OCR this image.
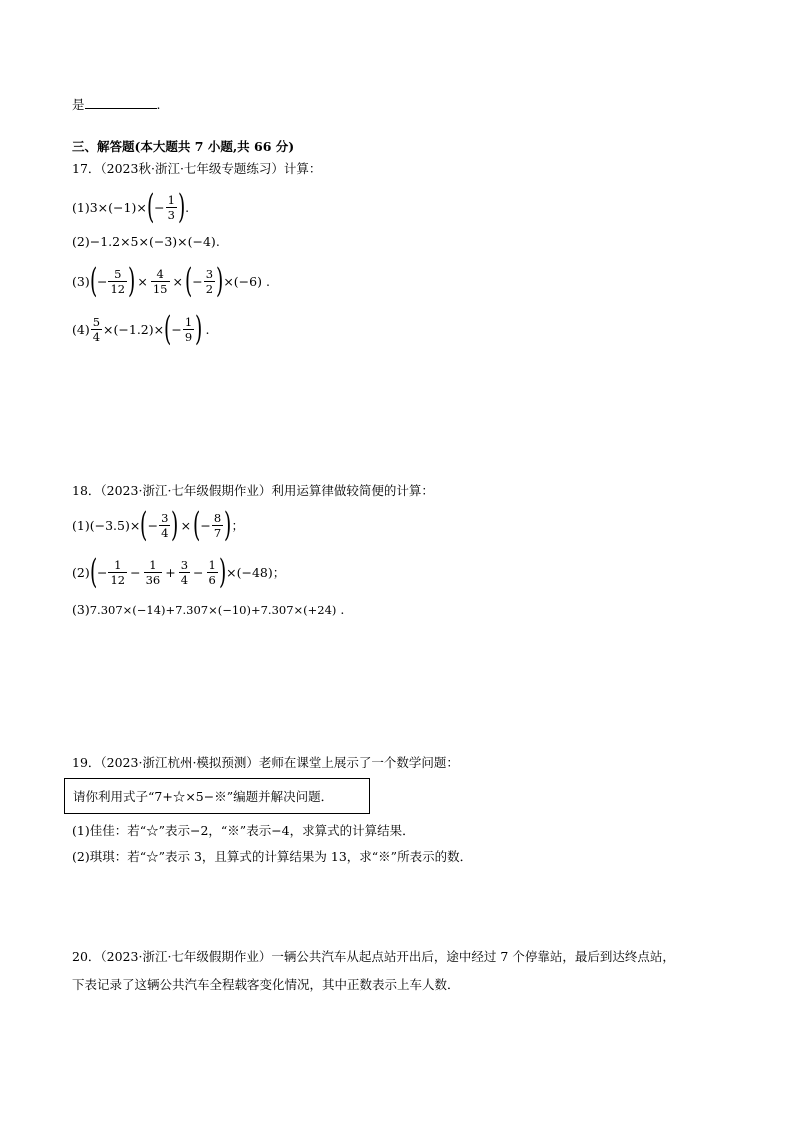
是	.
三、解答题(本大题共 7 小题,共 66 分)
17．（2023秋·浙江·七年级专题练习）计算：
(1) 3×(−1)× ( − $\frac{1}{3}$ ) .
(2)−1.2×5×(−3)×(−4).
(3) ( − $\frac{5}{12}$ ) × $\frac{4}{15}$ × ( − $\frac{3}{2}$ ) ×(−6) .
$(4) \frac{5}{4} \times(-1.2)\times$ ( − $\frac{1}{9}$ ) .
18．（2023·浙江·七年级假期作业）利用运算律做较简便的计算：
(1) (−3.5)× ( − $\frac{3}{4}$ ) × ( − $\frac{8}{7}$ ) ；
(2) ( − $\frac{1}{12} - \frac{1}{36} + \frac{3}{4} - \frac{1}{6}$ ) ×(−48) ；
(3)7.307×(−14)+7.307×(−10)+7.307×(+24) .
19．（2023·浙江杭州·模拟预测）老师在课堂上展示了一个数学问题：
请你利用式子“7+☆×5−※”编题并解决问题．
(1)佳佳：若“☆”表示−2，“※”表示−4，求算式的计算结果．
(2)琪琪：若“☆”表示 3，且算式的计算结果为 13，求“※”所表示的数．
20．（2023·浙江·七年级假期作业）一辆公共汽车从起点站开出后，途中经过 7 个停靠站，最后到达终点站，
下表记录了这辆公共汽车全程载客变化情况，其中正数表示上车人数．
